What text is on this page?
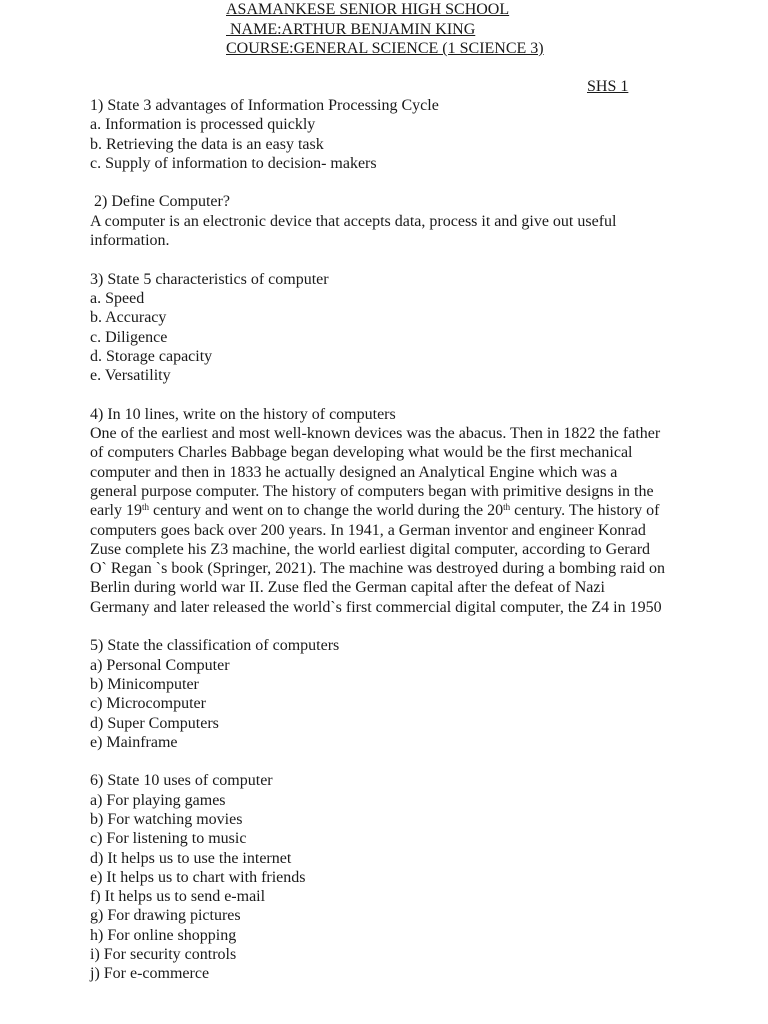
ASAMANKESE SENIOR HIGH SCHOOL
NAME:ARTHUR BENJAMIN KING
COURSE:GENERAL SCIENCE (1 SCIENCE 3)
SHS 1
1) State 3 advantages of Information Processing Cycle
a. Information is processed quickly
b. Retrieving the data is an easy task
c. Supply of information to decision- makers
2) Define Computer?
A computer is an electronic device that accepts data, process it and give out useful information.
3) State 5 characteristics of computer
a. Speed
b. Accuracy
c. Diligence
d. Storage capacity
e. Versatility
4) In 10 lines, write on the history of computers
One of the earliest and most well-known devices was the abacus. Then in 1822 the father
of computers Charles Babbage began developing what would be the first mechanical
computer and then in 1833 he actually designed an Analytical Engine which was a
general purpose computer. The history of computers began with primitive designs in the
early 19th century and went on to change the world during the 20th century. The history of
computers goes back over 200 years. In 1941, a German inventor and engineer Konrad
Zuse complete his Z3 machine, the world earliest digital computer, according to Gerard
O` Regan `s book (Springer, 2021). The machine was destroyed during a bombing raid on
Berlin during world war II. Zuse fled the German capital after the defeat of Nazi
Germany and later released the world`s first commercial digital computer, the Z4 in 1950
5) State the classification of computers
a) Personal Computer
b) Minicomputer
c) Microcomputer
d) Super Computers
e) Mainframe
6) State 10 uses of computer
a) For playing games
b) For watching movies
c) For listening to music
d) It helps us to use the internet
e) It helps us to chart with friends
f) It helps us to send e-mail
g) For drawing pictures
h) For online shopping
i) For security controls
j) For e-commerce
